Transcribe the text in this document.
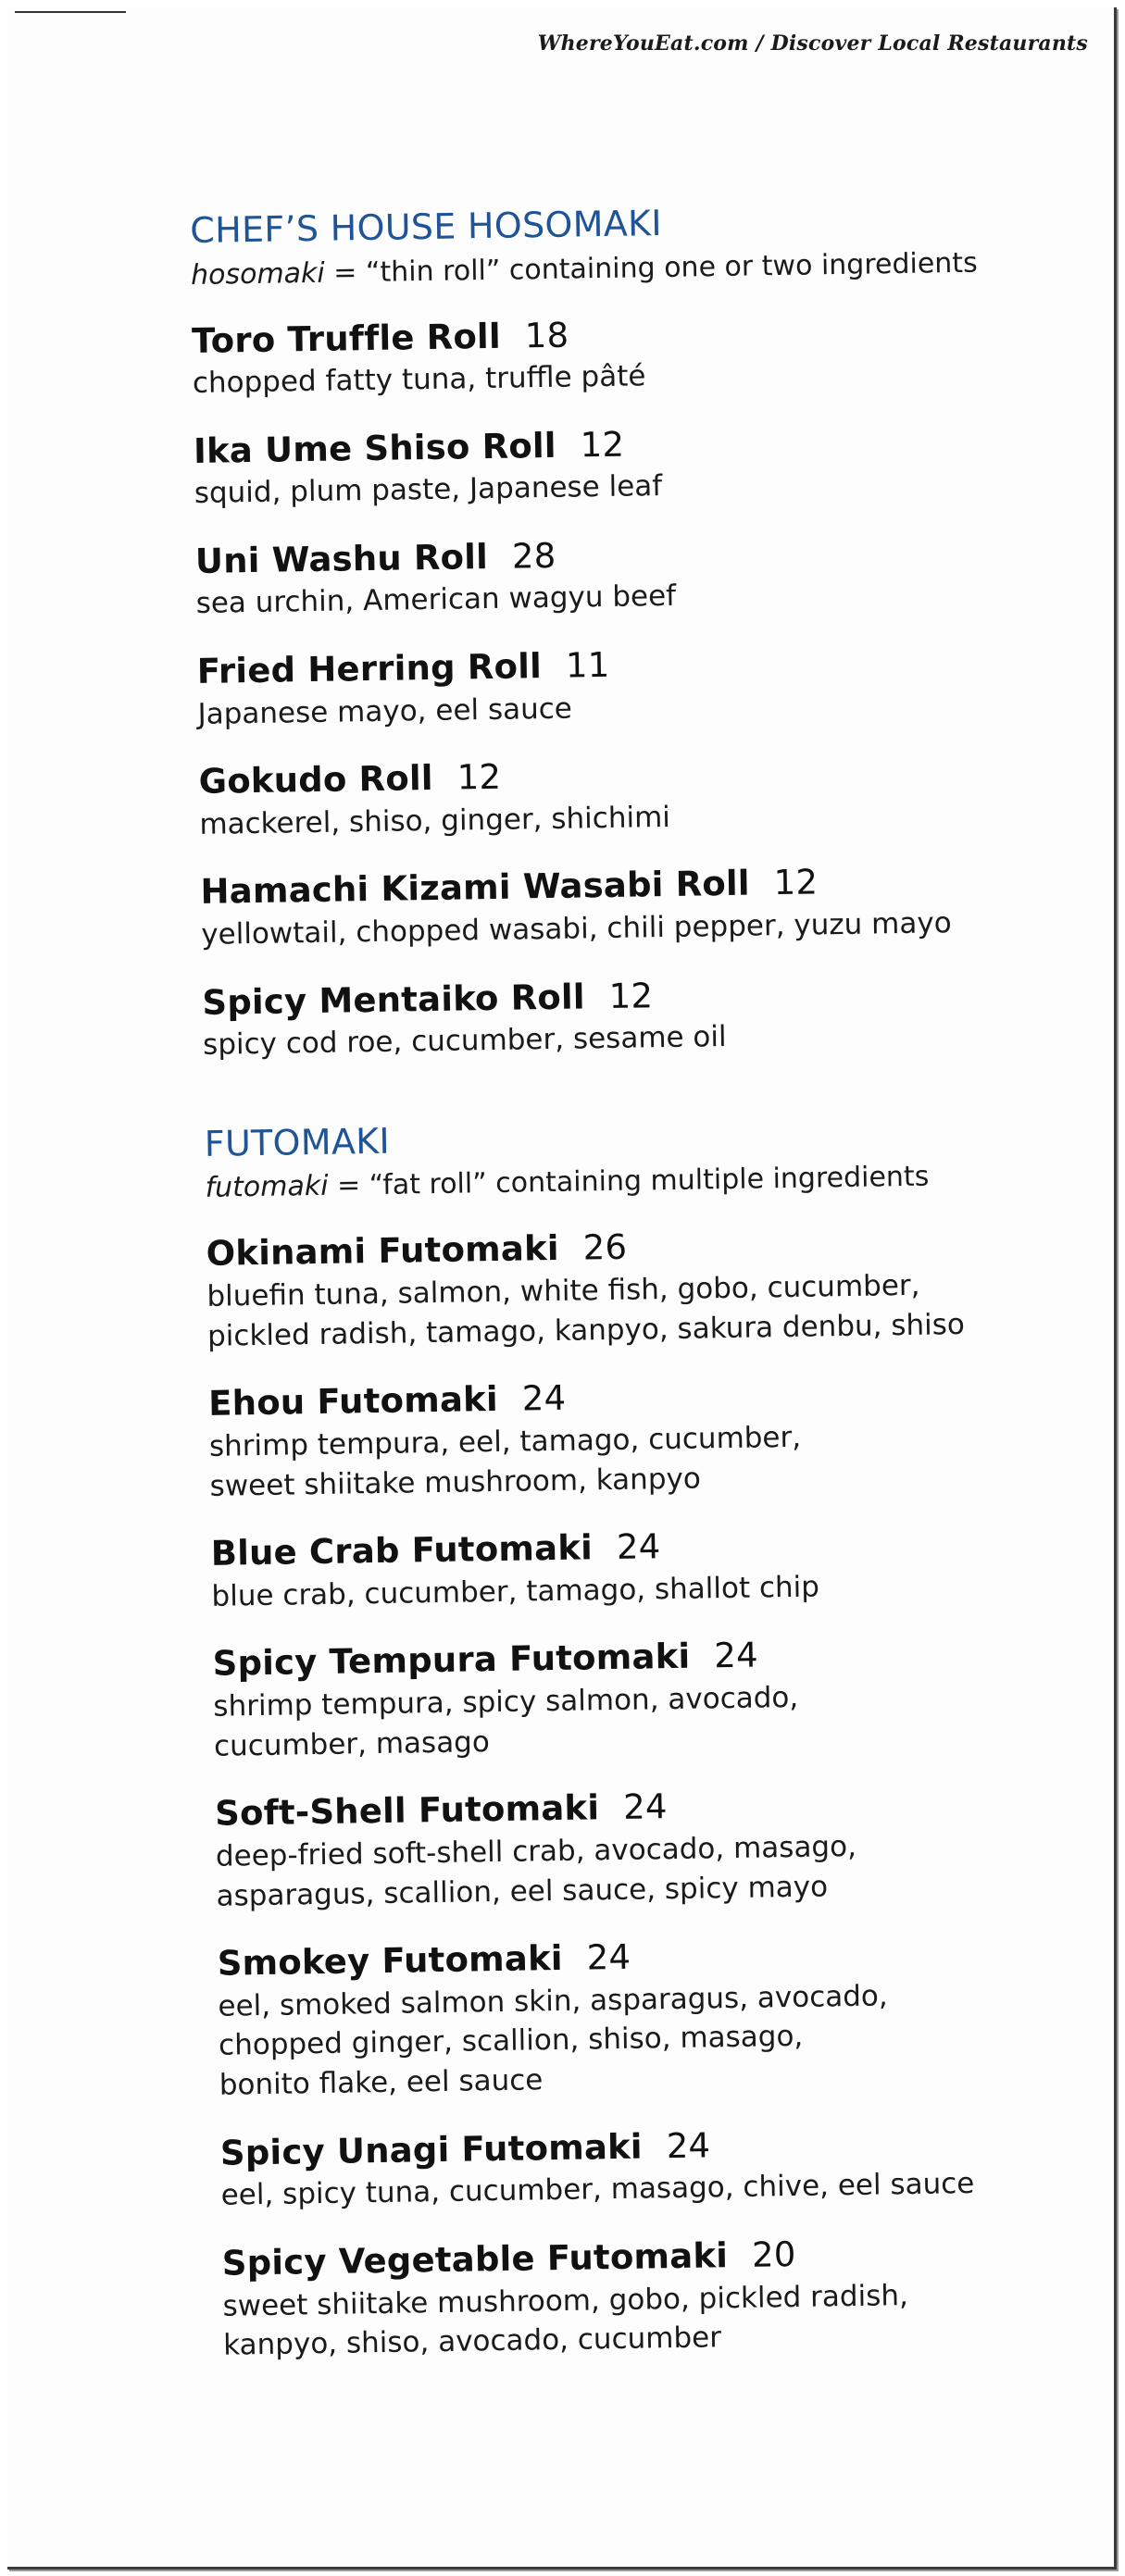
WhereYouEat.com / Discover Local Restaurants
CHEF’S HOUSE HOSOMAKI
hosomaki = “thin roll” containing one or two ingredients
Toro Truffle Roll 18
chopped fatty tuna, truffle pâté
Ika Ume Shiso Roll 12
squid, plum paste, Japanese leaf
Uni Washu Roll 28
sea urchin, American wagyu beef
Fried Herring Roll 11
Japanese mayo, eel sauce
Gokudo Roll 12
mackerel, shiso, ginger, shichimi
Hamachi Kizami Wasabi Roll 12
yellowtail, chopped wasabi, chili pepper, yuzu mayo
Spicy Mentaiko Roll 12
spicy cod roe, cucumber, sesame oil
FUTOMAKI
futomaki = “fat roll” containing multiple ingredients
Okinami Futomaki 26
bluefin tuna, salmon, white fish, gobo, cucumber,
pickled radish, tamago, kanpyo, sakura denbu, shiso
Ehou Futomaki 24
shrimp tempura, eel, tamago, cucumber,
sweet shiitake mushroom, kanpyo
Blue Crab Futomaki 24
blue crab, cucumber, tamago, shallot chip
Spicy Tempura Futomaki 24
shrimp tempura, spicy salmon, avocado,
cucumber, masago
Soft-Shell Futomaki 24
deep-fried soft-shell crab, avocado, masago,
asparagus, scallion, eel sauce, spicy mayo
Smokey Futomaki 24
eel, smoked salmon skin, asparagus, avocado,
chopped ginger, scallion, shiso, masago,
bonito flake, eel sauce
Spicy Unagi Futomaki 24
eel, spicy tuna, cucumber, masago, chive, eel sauce
Spicy Vegetable Futomaki 20
sweet shiitake mushroom, gobo, pickled radish,
kanpyo, shiso, avocado, cucumber
